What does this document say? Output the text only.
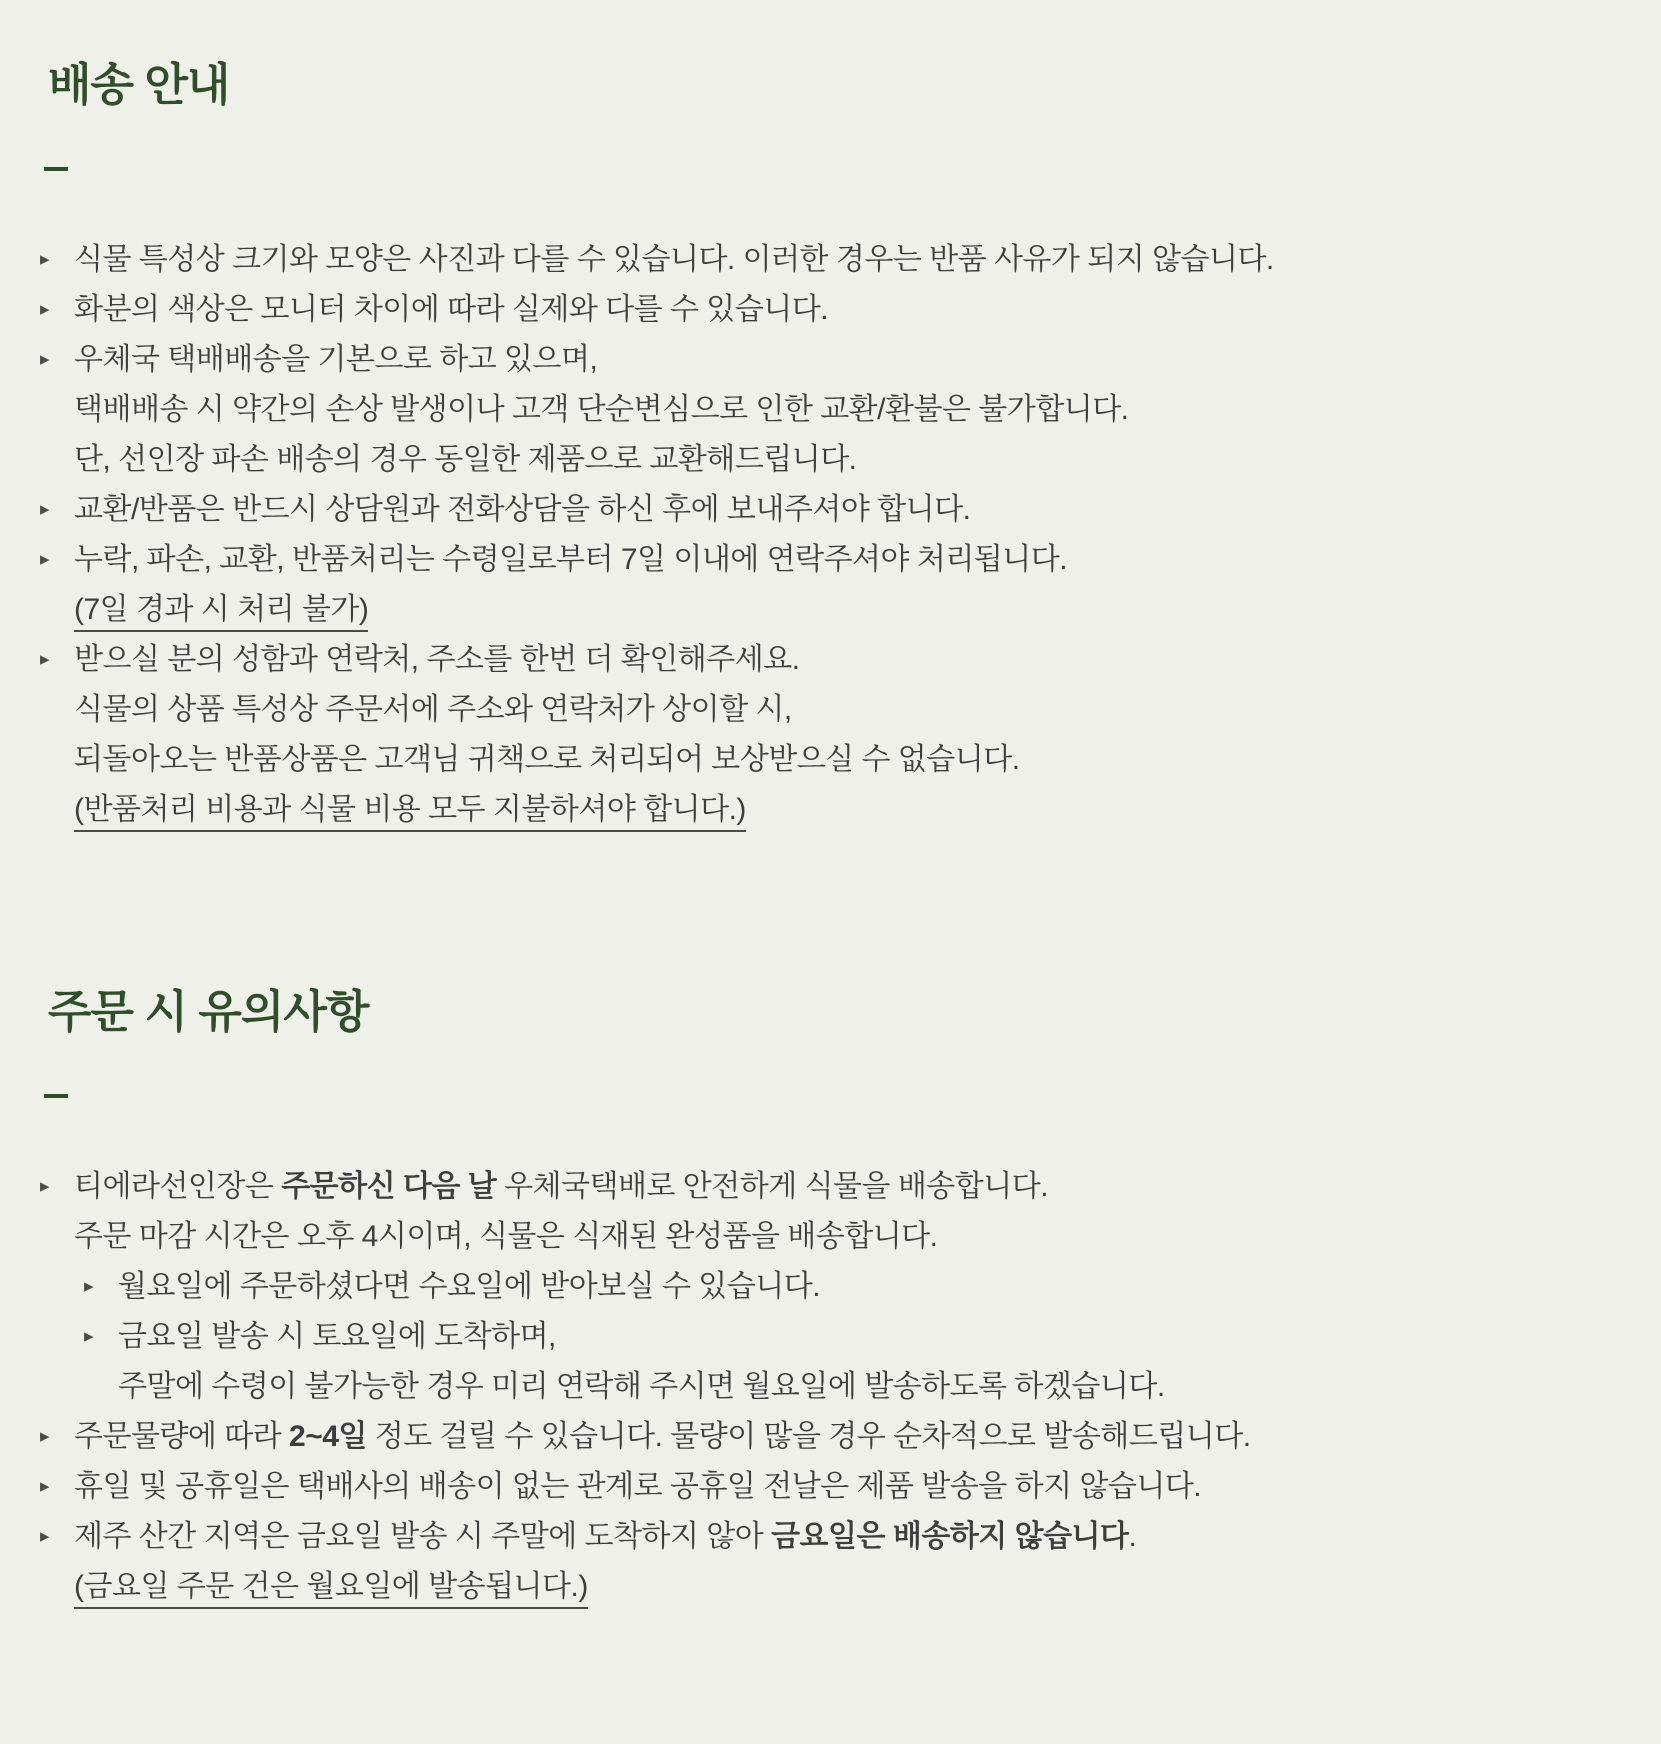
배송 안내
▸ 식물 특성상 크기와 모양은 사진과 다를 수 있습니다. 이러한 경우는 반품 사유가 되지 않습니다.
▸ 화분의 색상은 모니터 차이에 따라 실제와 다를 수 있습니다.
▸ 우체국 택배배송을 기본으로 하고 있으며,
택배배송 시 약간의 손상 발생이나 고객 단순변심으로 인한 교환/환불은 불가합니다.
단, 선인장 파손 배송의 경우 동일한 제품으로 교환해드립니다.
▸ 교환/반품은 반드시 상담원과 전화상담을 하신 후에 보내주셔야 합니다.
▸ 누락, 파손, 교환, 반품처리는 수령일로부터 7일 이내에 연락주셔야 처리됩니다.
(7일 경과 시 처리 불가)
▸ 받으실 분의 성함과 연락처, 주소를 한번 더 확인해주세요.
식물의 상품 특성상 주문서에 주소와 연락처가 상이할 시,
되돌아오는 반품상품은 고객님 귀책으로 처리되어 보상받으실 수 없습니다.
(반품처리 비용과 식물 비용 모두 지불하셔야 합니다.)
주문 시 유의사항
▸ 티에라선인장은 주문하신 다음 날 우체국택배로 안전하게 식물을 배송합니다.
주문 마감 시간은 오후 4시이며, 식물은 식재된 완성품을 배송합니다.
▸ 월요일에 주문하셨다면 수요일에 받아보실 수 있습니다.
▸ 금요일 발송 시 토요일에 도착하며,
주말에 수령이 불가능한 경우 미리 연락해 주시면 월요일에 발송하도록 하겠습니다.
▸ 주문물량에 따라 2~4일 정도 걸릴 수 있습니다. 물량이 많을 경우 순차적으로 발송해드립니다.
▸ 휴일 및 공휴일은 택배사의 배송이 없는 관계로 공휴일 전날은 제품 발송을 하지 않습니다.
▸ 제주 산간 지역은 금요일 발송 시 주말에 도착하지 않아 금요일은 배송하지 않습니다.
(금요일 주문 건은 월요일에 발송됩니다.)
